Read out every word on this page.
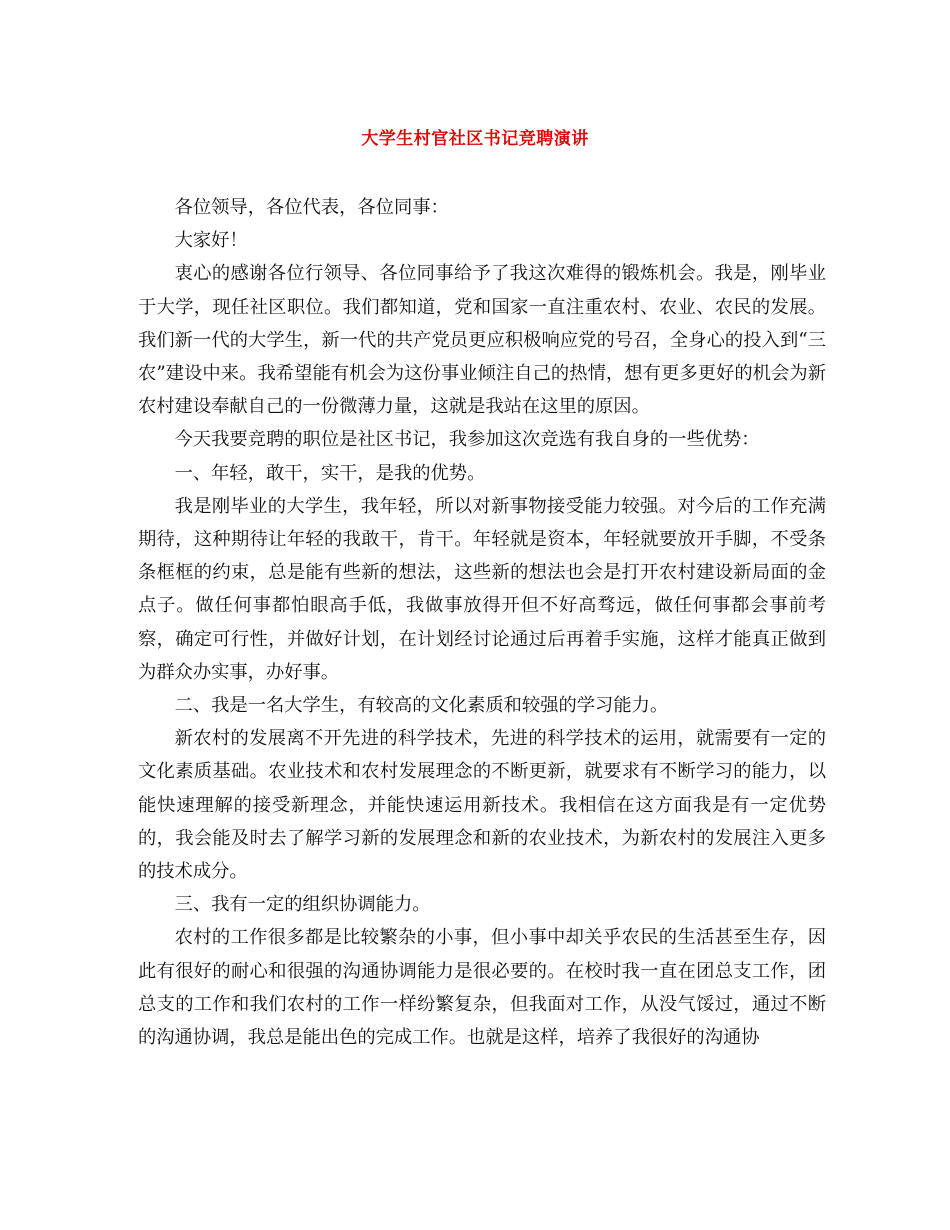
大学生村官社区书记竞聘演讲

各位领导，各位代表，各位同事：

大家好！

衷心的感谢各位行领导、各位同事给予了我这次难得的锻炼机会。我是，刚毕业于大学，现任社区职位。我们都知道，党和国家一直注重农村、农业、农民的发展。我们新一代的大学生，新一代的共产党员更应积极响应党的号召，全身心的投入到“三农”建设中来。我希望能有机会为这份事业倾注自己的热情，想有更多更好的机会为新农村建设奉献自己的一份微薄力量，这就是我站在这里的原因。

今天我要竞聘的职位是社区书记，我参加这次竞选有我自身的一些优势：

一、年轻，敢干，实干，是我的优势。

我是刚毕业的大学生，我年轻，所以对新事物接受能力较强。对今后的工作充满期待，这种期待让年轻的我敢干，肯干。年轻就是资本，年轻就要放开手脚，不受条条框框的约束，总是能有些新的想法，这些新的想法也会是打开农村建设新局面的金点子。做任何事都怕眼高手低，我做事放得开但不好高骛远，做任何事都会事前考察，确定可行性，并做好计划，在计划经讨论通过后再着手实施，这样才能真正做到为群众办实事，办好事。

二、我是一名大学生，有较高的文化素质和较强的学习能力。

新农村的发展离不开先进的科学技术，先进的科学技术的运用，就需要有一定的文化素质基础。农业技术和农村发展理念的不断更新，就要求有不断学习的能力，以能快速理解的接受新理念，并能快速运用新技术。我相信在这方面我是有一定优势的，我会能及时去了解学习新的发展理念和新的农业技术，为新农村的发展注入更多的技术成分。

三、我有一定的组织协调能力。

农村的工作很多都是比较繁杂的小事，但小事中却关乎农民的生活甚至生存，因此有很好的耐心和很强的沟通协调能力是很必要的。在校时我一直在团总支工作，团总支的工作和我们农村的工作一样纷繁复杂，但我面对工作，从没气馁过，通过不断的沟通协调，我总是能出色的完成工作。也就是这样，培养了我很好的沟通协
